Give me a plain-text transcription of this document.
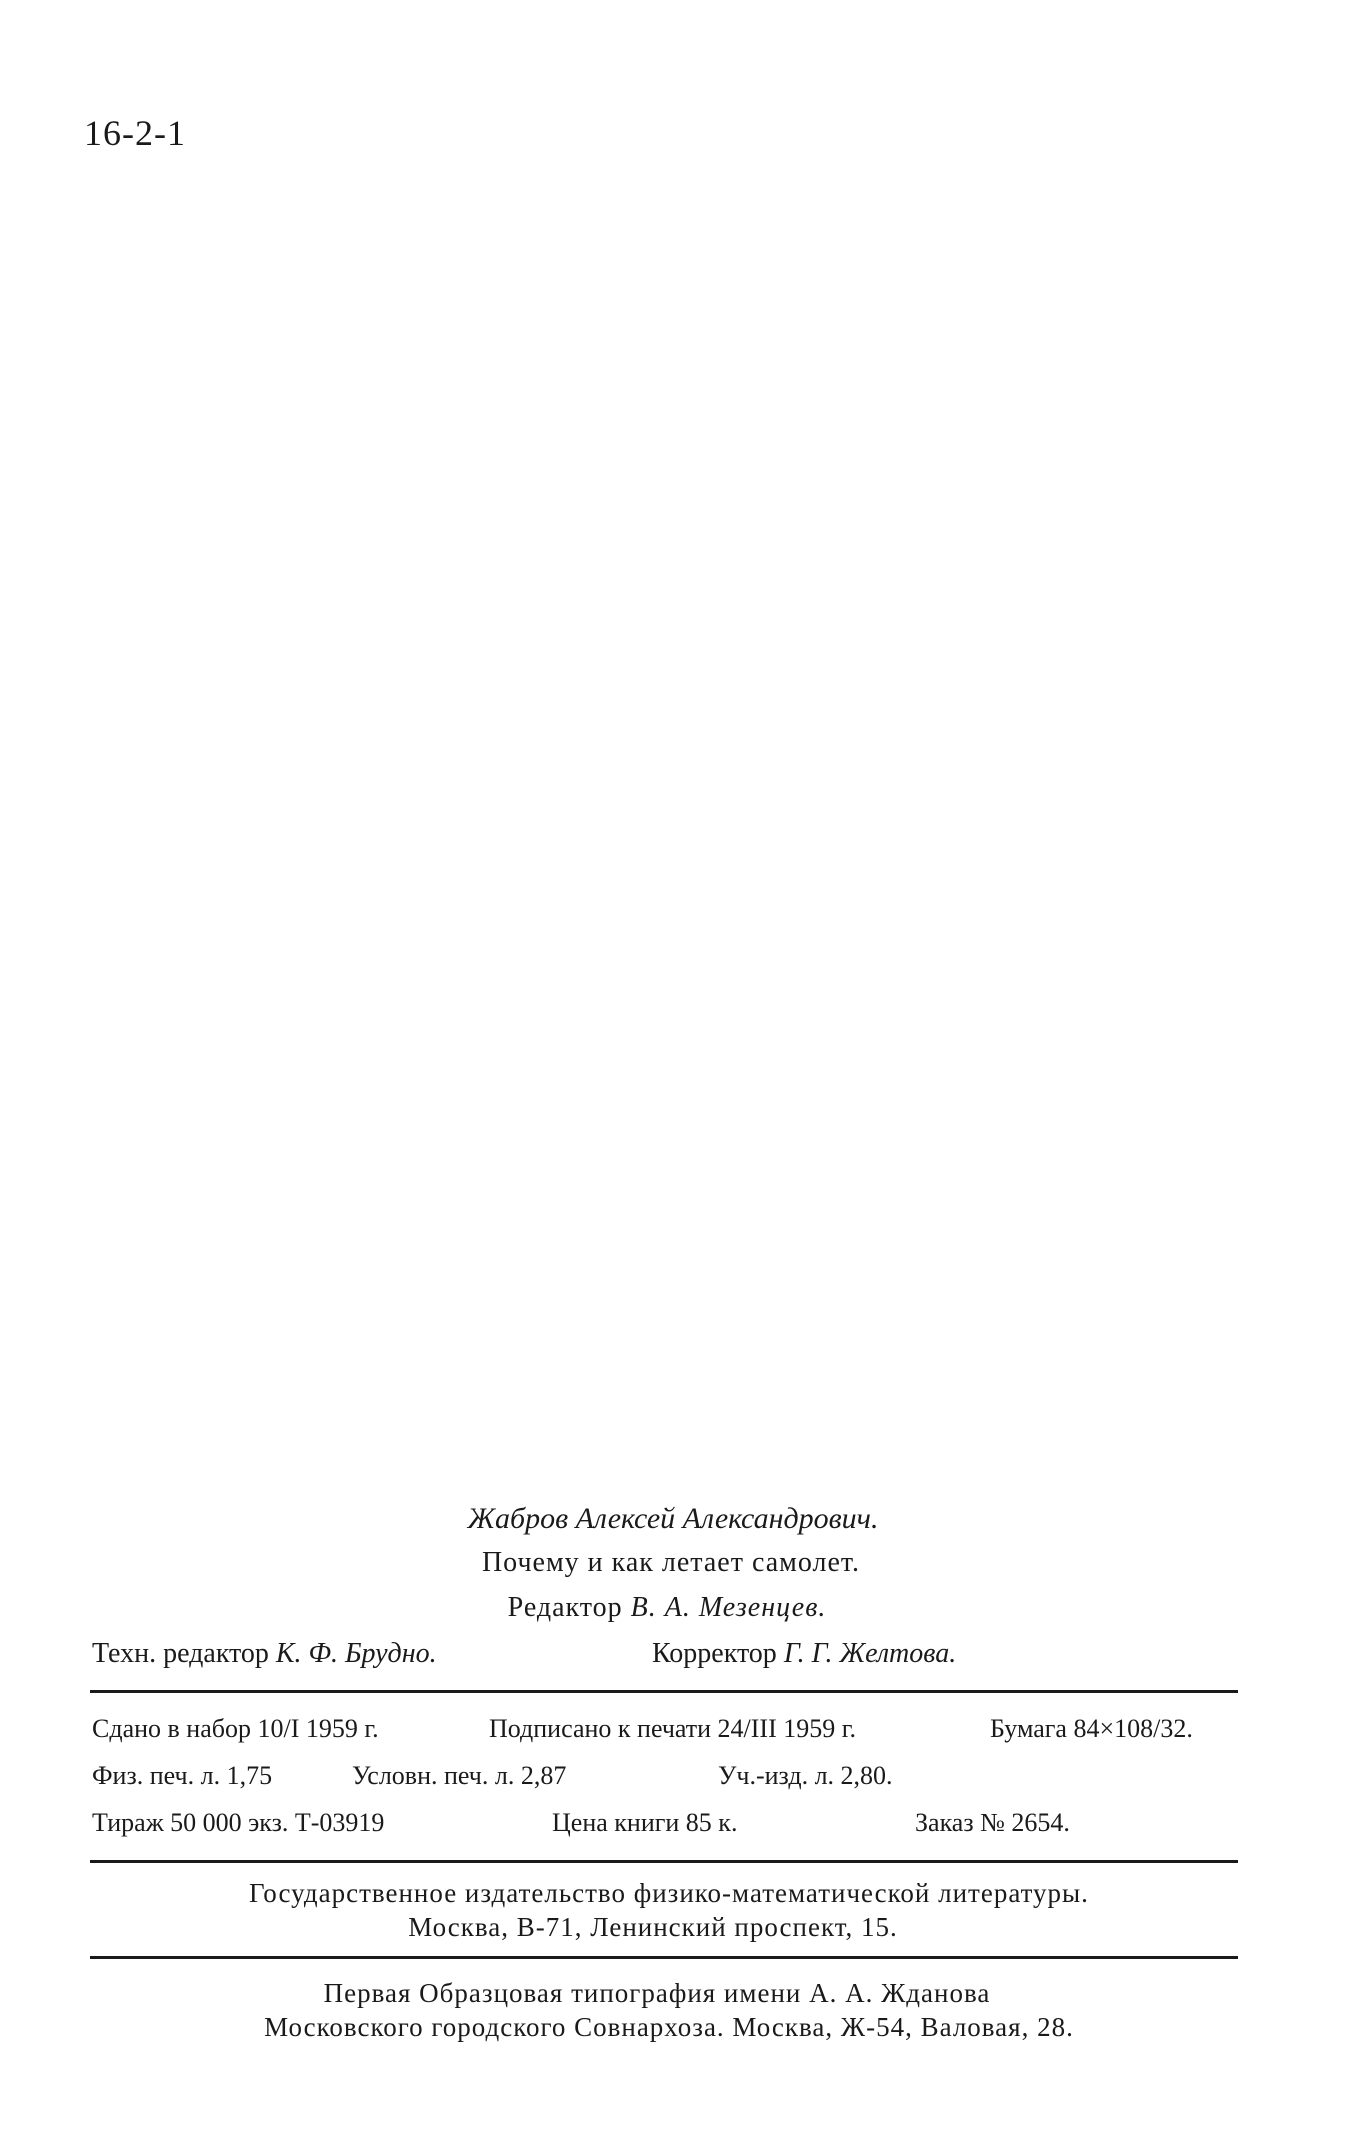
16-2-1
Жабров Алексей Александрович.
Почему и как летает самолет.
Редактор В. А. Мезенцев.
Техн. редактор К. Ф. Брудно.	Корректор Г. Г. Желтова.
Сдано в набор 10/I 1959 г.	Подписано к печати 24/III 1959 г.	Бумага 84×108/32.
Физ. печ. л. 1,75	Условн. печ. л. 2,87	Уч.-изд. л. 2,80.
Тираж 50 000 экз. Т-03919	Цена книги 85 к.	Заказ № 2654.
Государственное издательство физико-математической литературы.
Москва, В-71, Ленинский проспект, 15.
Первая Образцовая типография имени А. А. Жданова
Московского городского Совнархоза. Москва, Ж-54, Валовая, 28.
